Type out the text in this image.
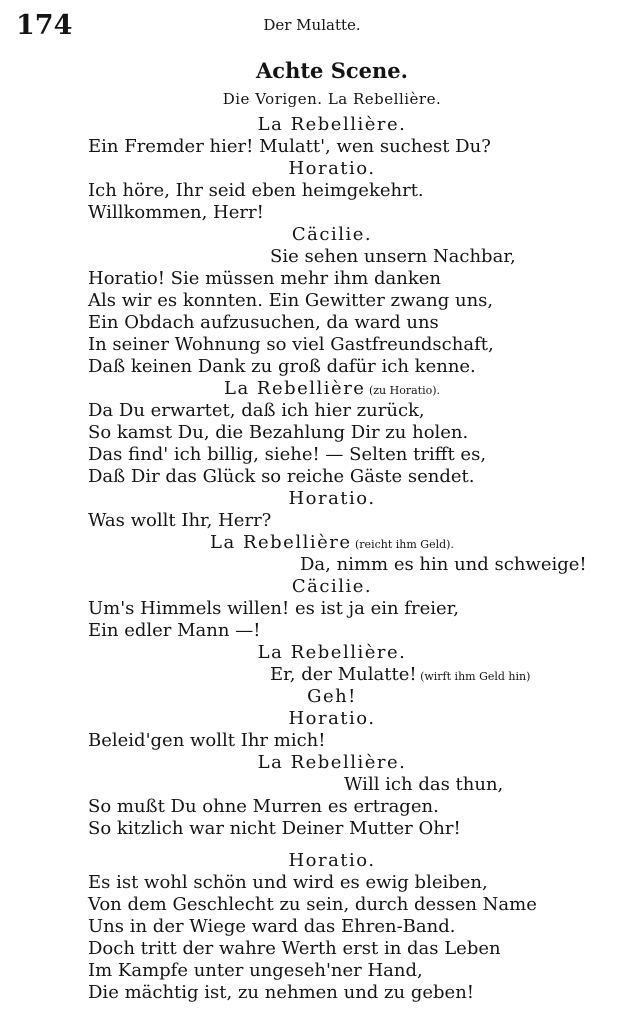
174	Der Mulatte.
Achte Scene.
Die Vorigen. La Rebellière.
La Rebellière.
Ein Fremder hier! Mulatt', wen suchest Du?
Horatio.
Ich höre, Ihr seid eben heimgekehrt.
Willkommen, Herr!
Cäcilie.
Sie sehen unsern Nachbar,
Horatio! Sie müssen mehr ihm danken
Als wir es konnten. Ein Gewitter zwang uns,
Ein Obdach aufzusuchen, da ward uns
In seiner Wohnung so viel Gastfreundschaft,
Daß keinen Dank zu groß dafür ich kenne.
La Rebellière (zu Horatio).
Da Du erwartet, daß ich hier zurück,
So kamst Du, die Bezahlung Dir zu holen.
Das find' ich billig, siehe! — Selten trifft es,
Daß Dir das Glück so reiche Gäste sendet.
Horatio.
Was wollt Ihr, Herr?
La Rebellière (reicht ihm Geld).
Da, nimm es hin und schweige!
Cäcilie.
Um's Himmels willen! es ist ja ein freier,
Ein edler Mann —!
La Rebellière.
Er, der Mulatte! (wirft ihm Geld hin)
Geh!
Horatio.
Beleid'gen wollt Ihr mich!
La Rebellière.
Will ich das thun,
So mußt Du ohne Murren es ertragen.
So kitzlich war nicht Deiner Mutter Ohr!
Horatio.
Es ist wohl schön und wird es ewig bleiben,
Von dem Geschlecht zu sein, durch dessen Name
Uns in der Wiege ward das Ehren-Band.
Doch tritt der wahre Werth erst in das Leben
Im Kampfe unter ungeseh'ner Hand,
Die mächtig ist, zu nehmen und zu geben!
